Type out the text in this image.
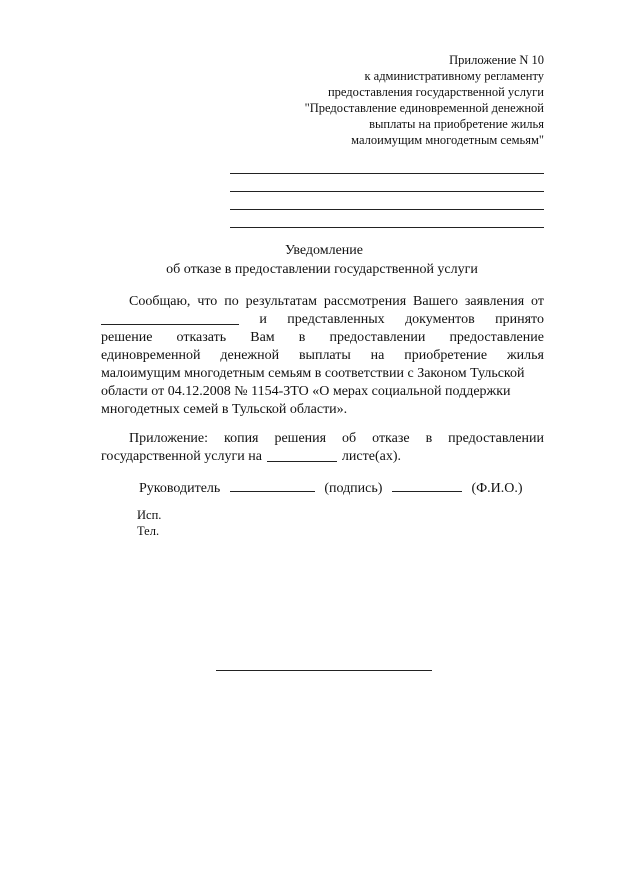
Приложение N 10
к административному регламенту
предоставления государственной услуги
"Предоставление единовременной денежной
выплаты на приобретение жилья
малоимущим многодетным семьям"
Уведомление
об отказе в предоставлении государственной услуги
Сообщаю, что по результатам рассмотрения Вашего заявления от
и представленных документов принято
решение отказать Вам в предоставлении предоставление
единовременной денежной выплаты на приобретение жилья
малоимущим многодетным семьям в соответствии с Законом Тульской
области от 04.12.2008 № 1154-ЗТО «О мерах социальной поддержки
многодетных семей в Тульской области».
Приложение: копия решения об отказе в предоставлении
государственной услуги на	листе(ах).
Руководитель	(подпись)	(Ф.И.О.)
Исп.
Тел.
